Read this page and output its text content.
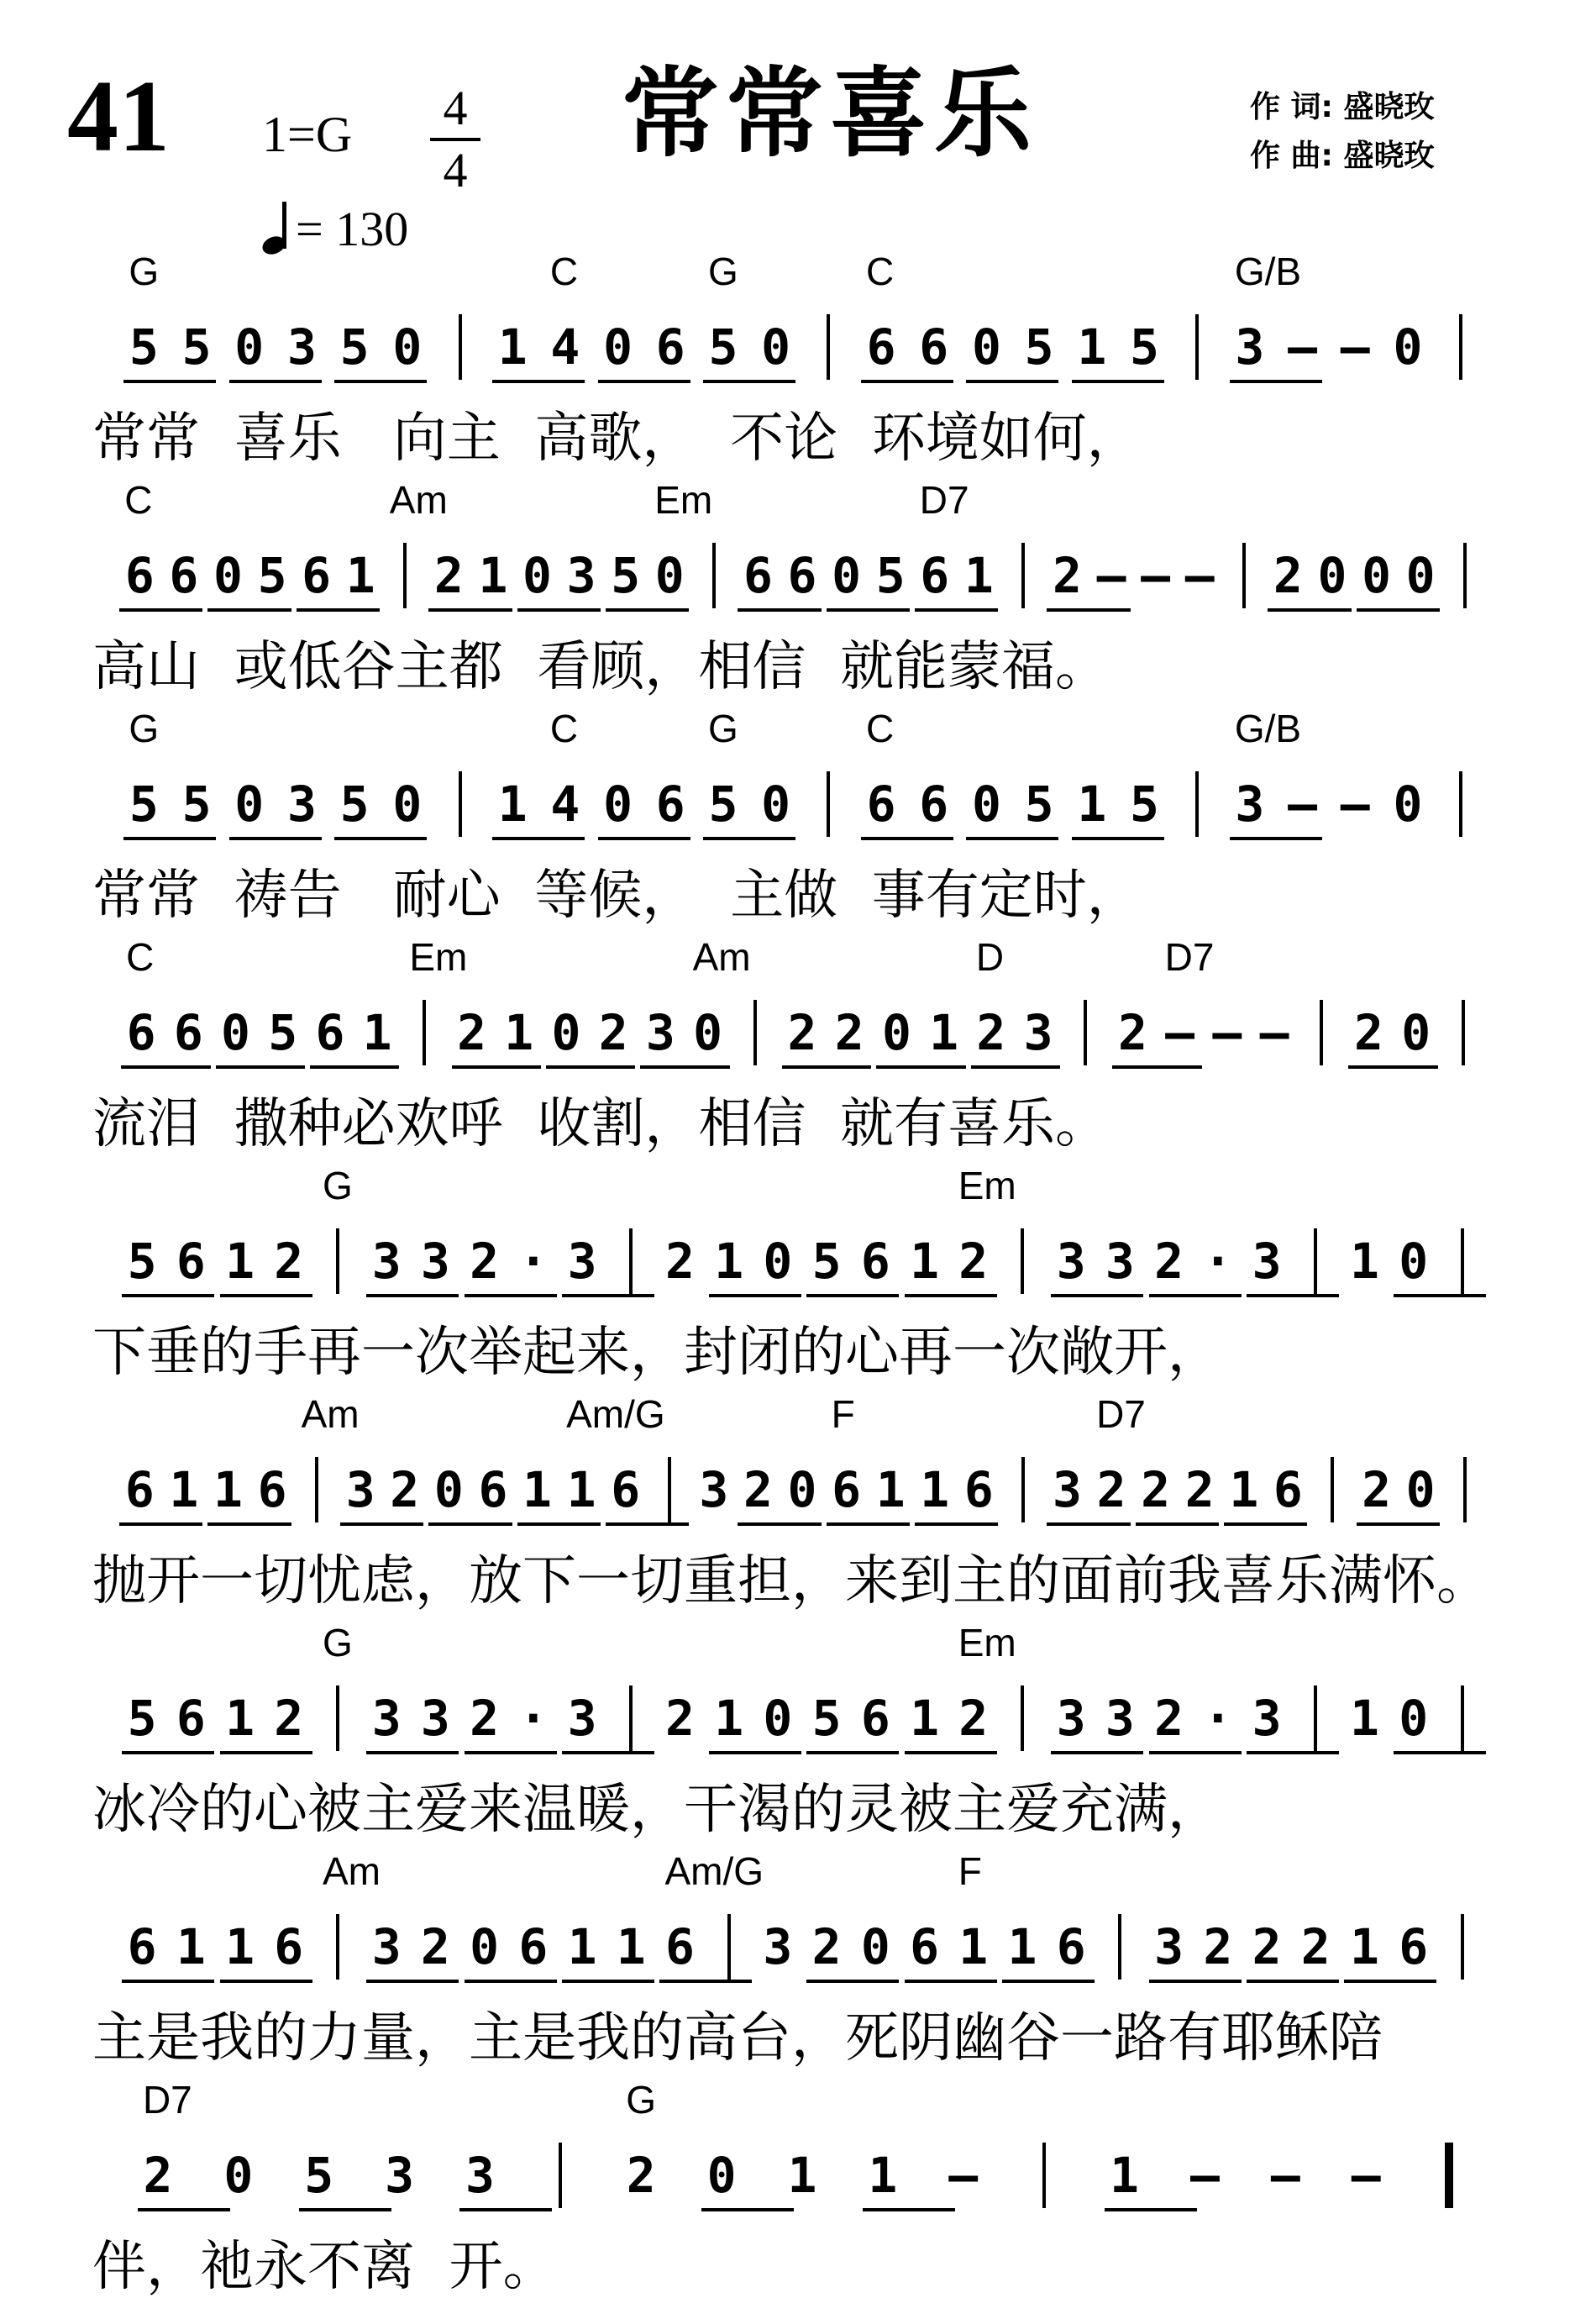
41 1=G 4
4 常常喜乐	作 词: 盛晓玫
作 曲: 盛晓玫
= 130
5 5 0 3 5 0 1 4 0 6 5 0 6 6 0 5 1 5 3 – – 0
G	C	G	C	G/B
常常  喜乐   向主  高歌，  不论  环境如何，
6 6 0 5 6 1 2 1 0 3 5 0 6 6 0 5 6 1 2 – – – 2 0 0 0
C	Am	Em	D7
高山  或低谷主都  看顾，相信  就能蒙福。
5 5 0 3 5 0 1 4 0 6 5 0 6 6 0 5 1 5 3 – – 0
G	C	G	C	G/B
常常  祷告   耐心  等候，  主做  事有定时，
6 6 0 5 6 1 2 1 0 2 3 0 2 2 0 1 2 3 2 – – – 2 0
C	Em	Am	D	D7
流泪  撒种必欢呼  收割，相信  就有喜乐。
5 6 1 2 3 3 2 · 3 2 1 0 5 6 1 2 3 3 2 · 3 1 0
G	Em
下垂的手再一次举起来，封闭的心再一次敞开，
6 1 1 6 3 2 0 6 1 1 6 3 2 0 6 1 1 6 3 2 2 2 1 6 2 0
Am	Am/G	F	D7
抛开一切忧虑，放下一切重担，来到主的面前我喜乐满怀。
5 6 1 2 3 3 2 · 3 2 1 0 5 6 1 2 3 3 2 · 3 1 0
G	Em
冰冷的心被主爱来温暖，干渴的灵被主爱充满，
6 1 1 6 3 2 0 6 1 1 6 3 2 0 6 1 1 6 3 2 2 2 1 6
Am	Am/G	F
主是我的力量，主是我的高台，死阴幽谷一路有耶稣陪
2 0 5 3 3	2 0 1 1 –	1 – – –
D7	G
伴，祂永不离  开。
